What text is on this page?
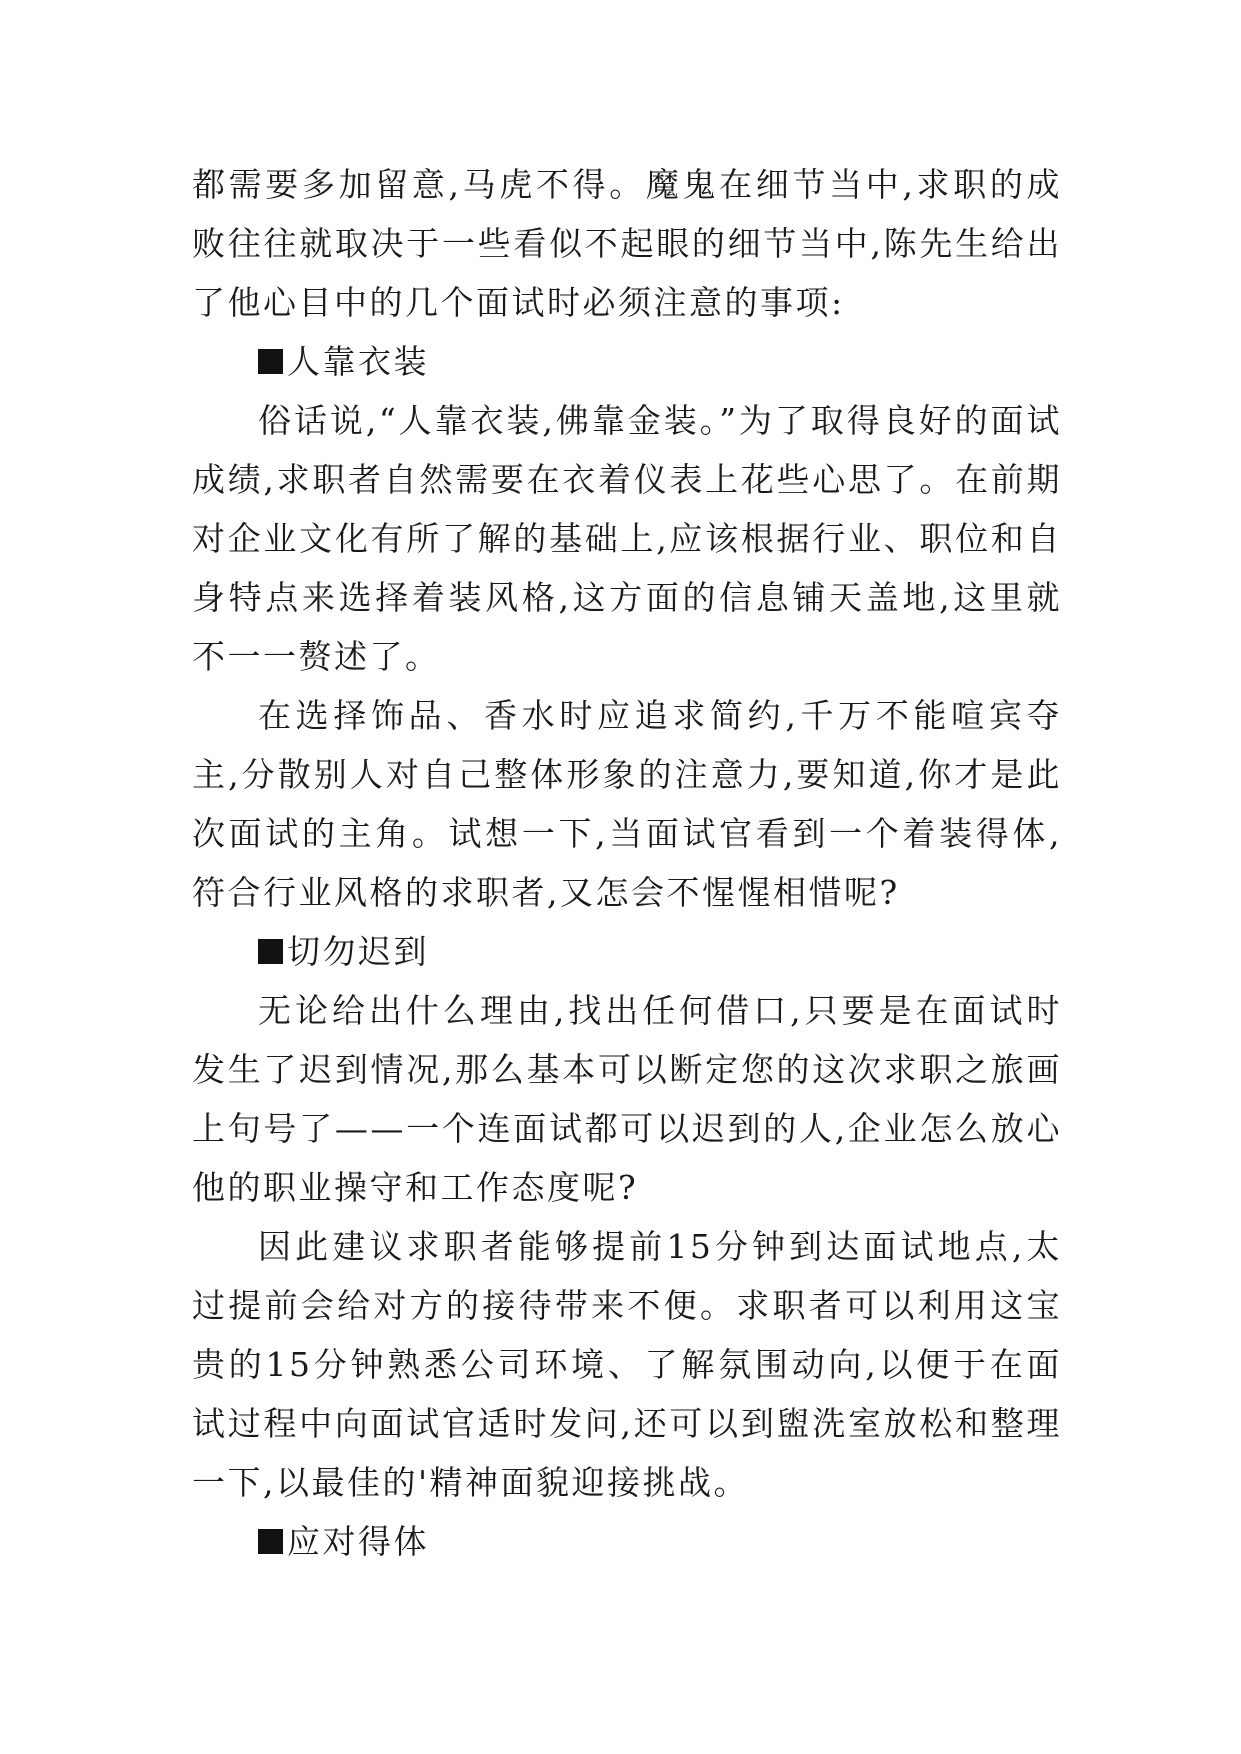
都需要多加留意,马虎不得。魔鬼在细节当中,求职的成败往往就取决于一些看似不起眼的细节当中,陈先生给出了他心目中的几个面试时必须注意的事项:

人靠衣装

俗话说,“人靠衣装,佛靠金装。”为了取得良好的面试成绩,求职者自然需要在衣着仪表上花些心思了。在前期对企业文化有所了解的基础上,应该根据行业、职位和自身特点来选择着装风格,这方面的信息铺天盖地,这里就不一一赘述了。

在选择饰品、香水时应追求简约,千万不能喧宾夺主,分散别人对自己整体形象的注意力,要知道,你才是此次面试的主角。试想一下,当面试官看到一个着装得体,符合行业风格的求职者,又怎会不惺惺相惜呢?

切勿迟到

无论给出什么理由,找出任何借口,只要是在面试时发生了迟到情况,那么基本可以断定您的这次求职之旅画上句号了——一个连面试都可以迟到的人,企业怎么放心他的职业操守和工作态度呢?

因此建议求职者能够提前15分钟到达面试地点,太过提前会给对方的接待带来不便。求职者可以利用这宝贵的15分钟熟悉公司环境、了解氛围动向,以便于在面试过程中向面试官适时发问,还可以到盥洗室放松和整理一下,以最佳的'精神面貌迎接挑战。

应对得体
